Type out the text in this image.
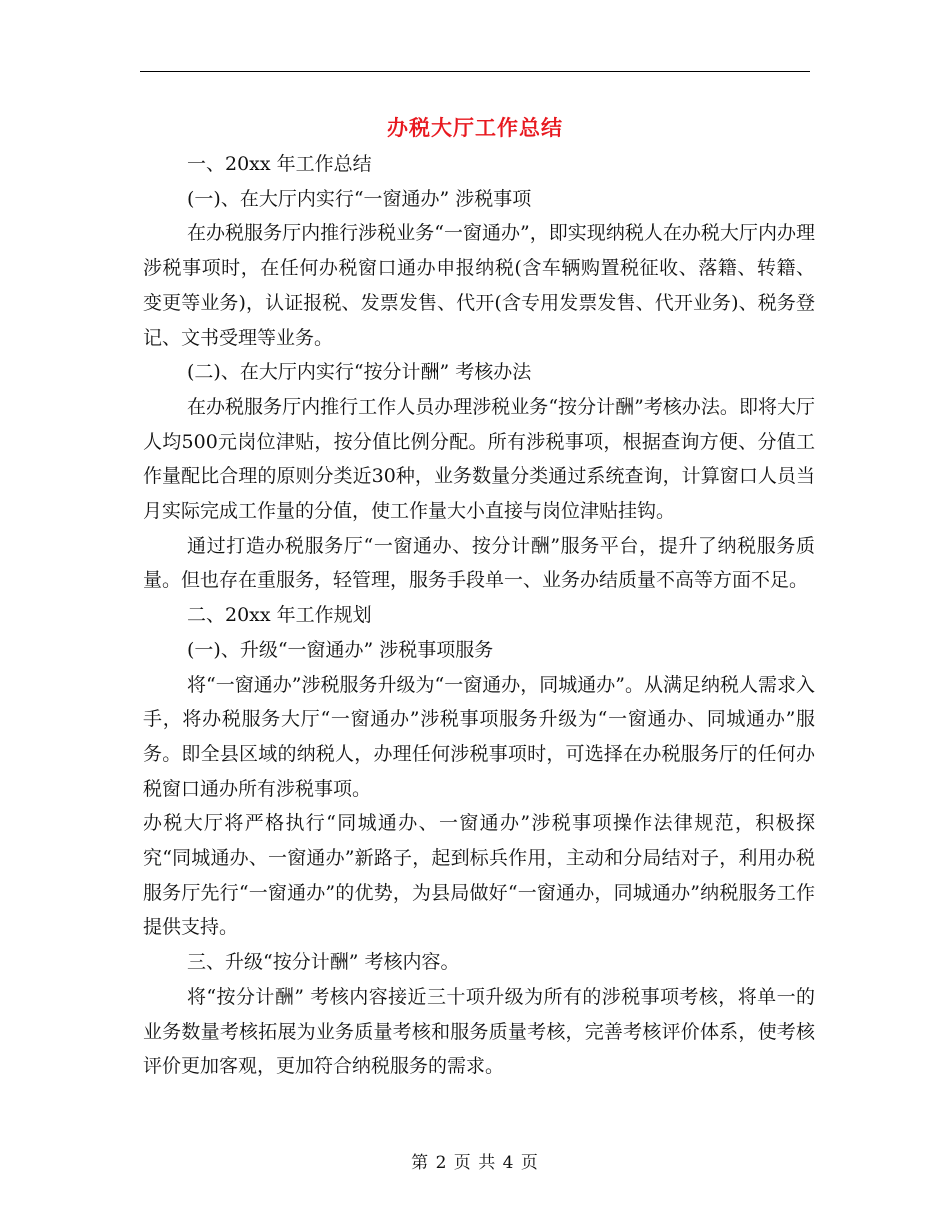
办税大厅工作总结

一、20xx 年工作总结

(一)、在大厅内实行“一窗通办” 涉税事项

在办税服务厅内推行涉税业务“一窗通办”，即实现纳税人在办税大厅内办理涉税事项时，在任何办税窗口通办申报纳税(含车辆购置税征收、落籍、转籍、变更等业务)，认证报税、发票发售、代开(含专用发票发售、代开业务)、税务登记、文书受理等业务。

(二)、在大厅内实行“按分计酬” 考核办法

在办税服务厅内推行工作人员办理涉税业务“按分计酬”考核办法。即将大厅人均500元岗位津贴，按分值比例分配。所有涉税事项，根据查询方便、分值工作量配比合理的原则分类近30种，业务数量分类通过系统查询，计算窗口人员当月实际完成工作量的分值，使工作量大小直接与岗位津贴挂钩。

通过打造办税服务厅“一窗通办、按分计酬”服务平台，提升了纳税服务质量。但也存在重服务，轻管理，服务手段单一、业务办结质量不高等方面不足。

二、20xx 年工作规划

(一)、升级“一窗通办” 涉税事项服务

将“一窗通办”涉税服务升级为“一窗通办，同城通办”。从满足纳税人需求入手，将办税服务大厅“一窗通办”涉税事项服务升级为“一窗通办、同城通办”服务。即全县区域的纳税人，办理任何涉税事项时，可选择在办税服务厅的任何办税窗口通办所有涉税事项。

办税大厅将严格执行“同城通办、一窗通办”涉税事项操作法律规范，积极探究“同城通办、一窗通办”新路子，起到标兵作用，主动和分局结对子，利用办税服务厅先行“一窗通办”的优势，为县局做好“一窗通办，同城通办”纳税服务工作提供支持。

三、升级“按分计酬” 考核内容。

将“按分计酬” 考核内容接近三十项升级为所有的涉税事项考核，将单一的业务数量考核拓展为业务质量考核和服务质量考核，完善考核评价体系，使考核评价更加客观，更加符合纳税服务的需求。

第 2 页 共 4 页
